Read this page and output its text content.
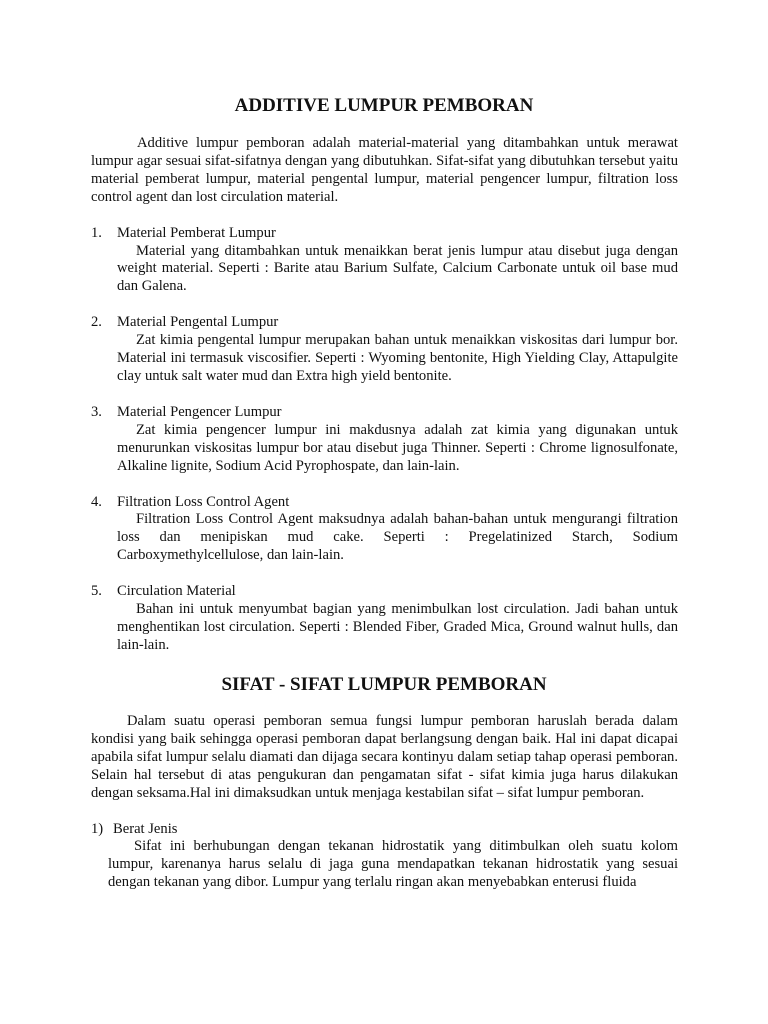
ADDITIVE LUMPUR PEMBORAN

Additive lumpur pemboran adalah material-material yang ditambahkan untuk merawat lumpur agar sesuai sifat-sifatnya dengan yang dibutuhkan. Sifat-sifat yang dibutuhkan tersebut yaitu material pemberat lumpur, material pengental lumpur, material pengencer lumpur, filtration loss control agent dan lost circulation material.

1. Material Pemberat Lumpur

Material yang ditambahkan untuk menaikkan berat jenis lumpur atau disebut juga dengan weight material. Seperti : Barite atau Barium Sulfate, Calcium Carbonate untuk oil base mud dan Galena.

2. Material Pengental Lumpur

Zat kimia pengental lumpur merupakan bahan untuk menaikkan viskositas dari lumpur bor. Material ini termasuk viscosifier. Seperti : Wyoming bentonite, High Yielding Clay, Attapulgite clay untuk salt water mud dan Extra high yield bentonite.

3. Material Pengencer Lumpur

Zat kimia pengencer lumpur ini makdusnya adalah zat kimia yang digunakan untuk menurunkan viskositas lumpur bor atau disebut juga Thinner. Seperti : Chrome lignosulfonate, Alkaline lignite, Sodium Acid Pyrophospate, dan lain-lain.

4. Filtration Loss Control Agent

Filtration Loss Control Agent maksudnya adalah bahan-bahan untuk mengurangi filtration loss dan menipiskan mud cake. Seperti : Pregelatinized Starch, Sodium Carboxymethylcellulose, dan lain-lain.

5. Circulation Material

Bahan ini untuk menyumbat bagian yang menimbulkan lost circulation. Jadi bahan untuk menghentikan lost circulation. Seperti : Blended Fiber, Graded Mica, Ground walnut hulls, dan lain-lain.

SIFAT - SIFAT LUMPUR PEMBORAN

Dalam suatu operasi pemboran semua fungsi lumpur pemboran haruslah berada dalam kondisi yang baik sehingga operasi pemboran dapat berlangsung dengan baik. Hal ini dapat dicapai apabila sifat lumpur selalu diamati dan dijaga secara kontinyu dalam setiap tahap operasi pemboran. Selain hal tersebut di atas pengukuran dan pengamatan sifat - sifat kimia juga harus dilakukan dengan seksama.Hal ini dimaksudkan untuk menjaga kestabilan sifat – sifat lumpur pemboran.

1) Berat Jenis

Sifat ini berhubungan dengan tekanan hidrostatik yang ditimbulkan oleh suatu kolom lumpur, karenanya harus selalu di jaga guna mendapatkan tekanan hidrostatik yang sesuai dengan tekanan yang dibor. Lumpur yang terlalu ringan akan menyebabkan enterusi fluida
